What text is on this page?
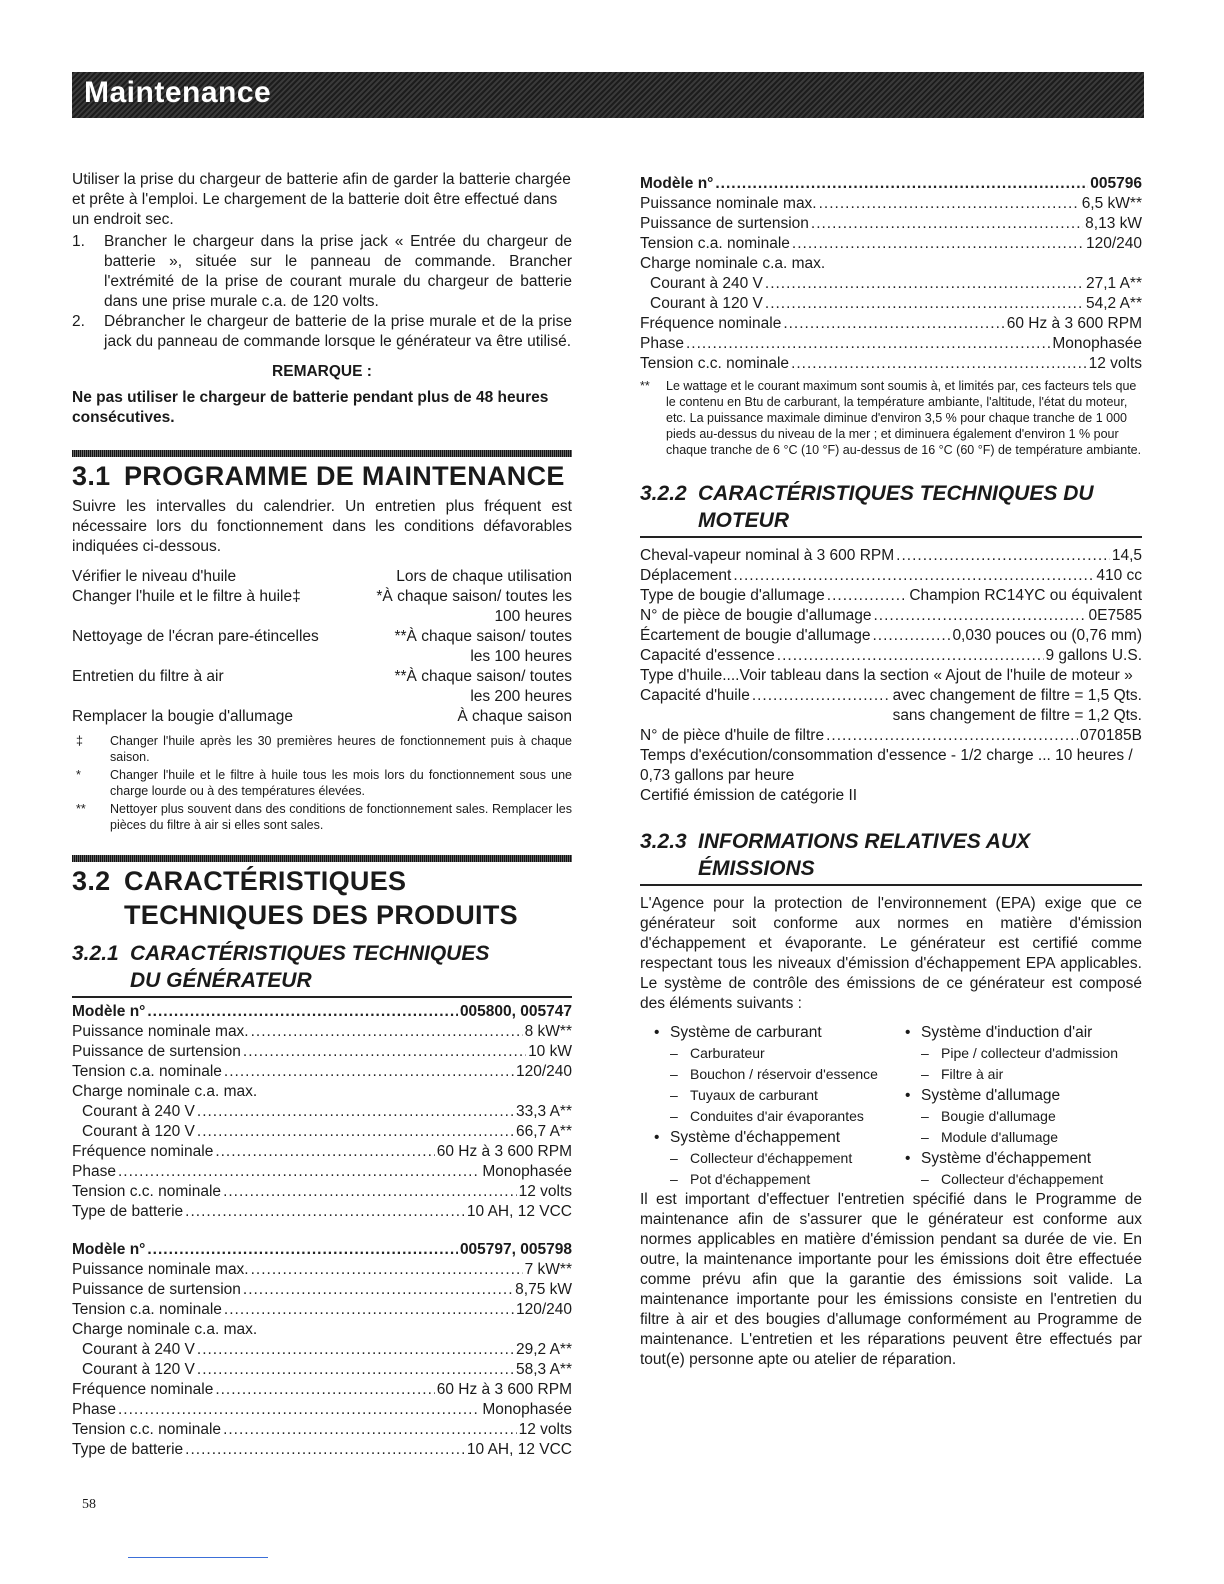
Maintenance

Utiliser la prise du chargeur de batterie afin de garder la batterie chargée et prête à l'emploi. Le chargement de la batterie doit être effectué dans un endroit sec.

1.	Brancher le chargeur dans la prise jack « Entrée du chargeur de batterie », située sur le panneau de commande. Brancher l'extrémité de la prise de courant murale du chargeur de batterie dans une prise murale c.a. de 120 volts.
2.	Débrancher le chargeur de batterie de la prise murale et de la prise jack du panneau de commande lorsque le générateur va être utilisé.
REMARQUE :
Ne pas utiliser le chargeur de batterie pendant plus de 48 heures consécutives.
3.1 PROGRAMME DE MAINTENANCE

Suivre les intervalles du calendrier. Un entretien plus fréquent est nécessaire lors du fonctionnement dans les conditions défavorables indiquées ci-dessous.

Vérifier le niveau d'huile	Lors de chaque utilisation
Changer l'huile et le filtre à huile‡	*À chaque saison/ toutes les 100 heures
Nettoyage de l'écran pare-étincelles	**À chaque saison/ toutes les 100 heures
Entretien du filtre à air	**À chaque saison/ toutes les 200 heures
Remplacer la bougie d'allumage	À chaque saison
‡	Changer l'huile après les 30 premières heures de fonctionnement puis à chaque saison.
*	Changer l'huile et le filtre à huile tous les mois lors du fonctionnement sous une charge lourde ou à des températures élevées.
**	Nettoyer plus souvent dans des conditions de fonctionnement sales. Remplacer les pièces du filtre à air si elles sont sales.
3.2 CARACTÉRISTIQUES TECHNIQUES DES PRODUITS
3.2.1 CARACTÉRISTIQUES TECHNIQUES DU GÉNÉRATEUR
Modèle n° .....	005800, 005747
Puissance nominale max. .....	8 kW**
Puissance de surtension .....	10 kW
Tension c.a. nominale .....	120/240
Charge nominale c.a. max.
Courant à 240 V .....	33,3 A**
Courant à 120 V .....	66,7 A**
Fréquence nominale .....	60 Hz à 3 600 RPM
Phase .....	Monophasée
Tension c.c. nominale .....	12 volts
Type de batterie .....	10 AH, 12 VCC
Modèle n° .....	005797, 005798
Puissance nominale max. .....	7 kW**
Puissance de surtension .....	8,75 kW
Tension c.a. nominale .....	120/240
Charge nominale c.a. max.
Courant à 240 V .....	29,2 A**
Courant à 120 V .....	58,3 A**
Fréquence nominale .....	60 Hz à 3 600 RPM
Phase .....	Monophasée
Tension c.c. nominale .....	12 volts
Type de batterie .....	10 AH, 12 VCC
Modèle n° .....	005796
Puissance nominale max. .....	6,5 kW**
Puissance de surtension .....	8,13 kW
Tension c.a. nominale .....	120/240
Charge nominale c.a. max.
Courant à 240 V .....	27,1 A**
Courant à 120 V .....	54,2 A**
Fréquence nominale .....	60 Hz à 3 600 RPM
Phase .....	Monophasée
Tension c.c. nominale .....	12 volts
**	Le wattage et le courant maximum sont soumis à, et limités par, ces facteurs tels que le contenu en Btu de carburant, la température ambiante, l'altitude, l'état du moteur, etc. La puissance maximale diminue d'environ 3,5 % pour chaque tranche de 1 000 pieds au-dessus du niveau de la mer ; et diminuera également d'environ 1 % pour chaque tranche de 6 °C (10 °F) au-dessus de 16 °C (60 °F) de température ambiante.
3.2.2 CARACTÉRISTIQUES TECHNIQUES DU MOTEUR
Cheval-vapeur nominal à 3 600 RPM .....	14,5
Déplacement .....	410 cc
Type de bougie d'allumage .....	Champion RC14YC ou équivalent
N° de pièce de bougie d'allumage .....	0E7585
Écartement de bougie d'allumage .....	0,030 pouces ou (0,76 mm)
Capacité d'essence .....	9 gallons U.S.
Type d'huile....Voir tableau dans la section « Ajout de l'huile de moteur »
Capacité d'huile .....	avec changement de filtre = 1,5 Qts.
sans changement de filtre = 1,2 Qts.
N° de pièce d'huile de filtre .....	070185B
Temps d'exécution/consommation d'essence - 1/2 charge ... 10 heures / 0,73 gallons par heure
Certifié émission de catégorie II
3.2.3 INFORMATIONS RELATIVES AUX ÉMISSIONS

L'Agence pour la protection de l'environnement (EPA) exige que ce générateur soit conforme aux normes en matière d'émission d'échappement et évaporante. Le générateur est certifié comme respectant tous les niveaux d'émission d'échappement EPA applicables. Le système de contrôle des émissions de ce générateur est composé des éléments suivants :

• Système de carburant
– Carburateur
– Bouchon / réservoir d'essence
– Tuyaux de carburant
– Conduites d'air évaporantes
• Système d'échappement
– Collecteur d'échappement
– Pot d'échappement
• Système d'induction d'air
– Pipe / collecteur d'admission
– Filtre à air
• Système d'allumage
– Bougie d'allumage
– Module d'allumage
• Système d'échappement
– Collecteur d'échappement

Il est important d'effectuer l'entretien spécifié dans le Programme de maintenance afin de s'assurer que le générateur est conforme aux normes applicables en matière d'émission pendant sa durée de vie. En outre, la maintenance importante pour les émissions doit être effectuée comme prévu afin que la garantie des émissions soit valide. La maintenance importante pour les émissions consiste en l'entretien du filtre à air et des bougies d'allumage conformément au Programme de maintenance. L'entretien et les réparations peuvent être effectués par tout(e) personne apte ou atelier de réparation.

58
